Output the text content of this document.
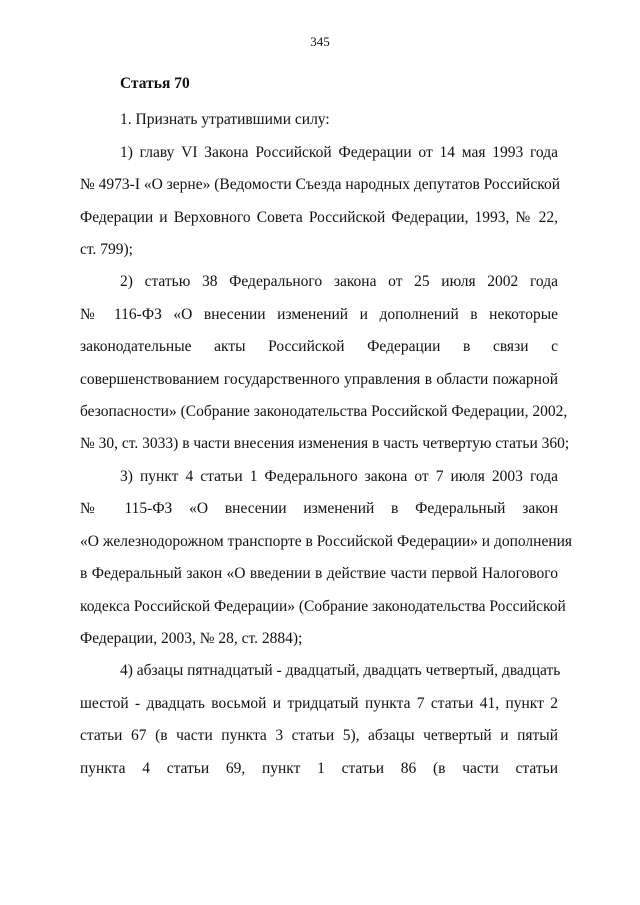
345
Статья 70
1. Признать утратившими силу:
1) главу VI Закона Российской Федерации от 14 мая 1993 года
№ 4973-I «О зерне» (Ведомости Съезда народных депутатов Российской
Федерации и Верховного Совета Российской Федерации, 1993, № 22,
ст. 799);
2) статью 38 Федерального закона от 25 июля 2002 года
№ 116-ФЗ «О внесении изменений и дополнений в некоторые
законодательные акты Российской Федерации в связи с
совершенствованием государственного управления в области пожарной
безопасности» (Собрание законодательства Российской Федерации, 2002,
№ 30, ст. 3033) в части внесения изменения в часть четвертую статьи 360;
3) пункт 4 статьи 1 Федерального закона от 7 июля 2003 года
№ 115-ФЗ «О внесении изменений в Федеральный закон
«О железнодорожном транспорте в Российской Федерации» и дополнения
в Федеральный закон «О введении в действие части первой Налогового
кодекса Российской Федерации» (Собрание законодательства Российской
Федерации, 2003, № 28, ст. 2884);
4) абзацы пятнадцатый - двадцатый, двадцать четвертый, двадцать
шестой - двадцать восьмой и тридцатый пункта 7 статьи 41, пункт 2
статьи 67 (в части пункта 3 статьи 5), абзацы четвертый и пятый
пункта 4 статьи 69, пункт 1 статьи 86 (в части статьи
